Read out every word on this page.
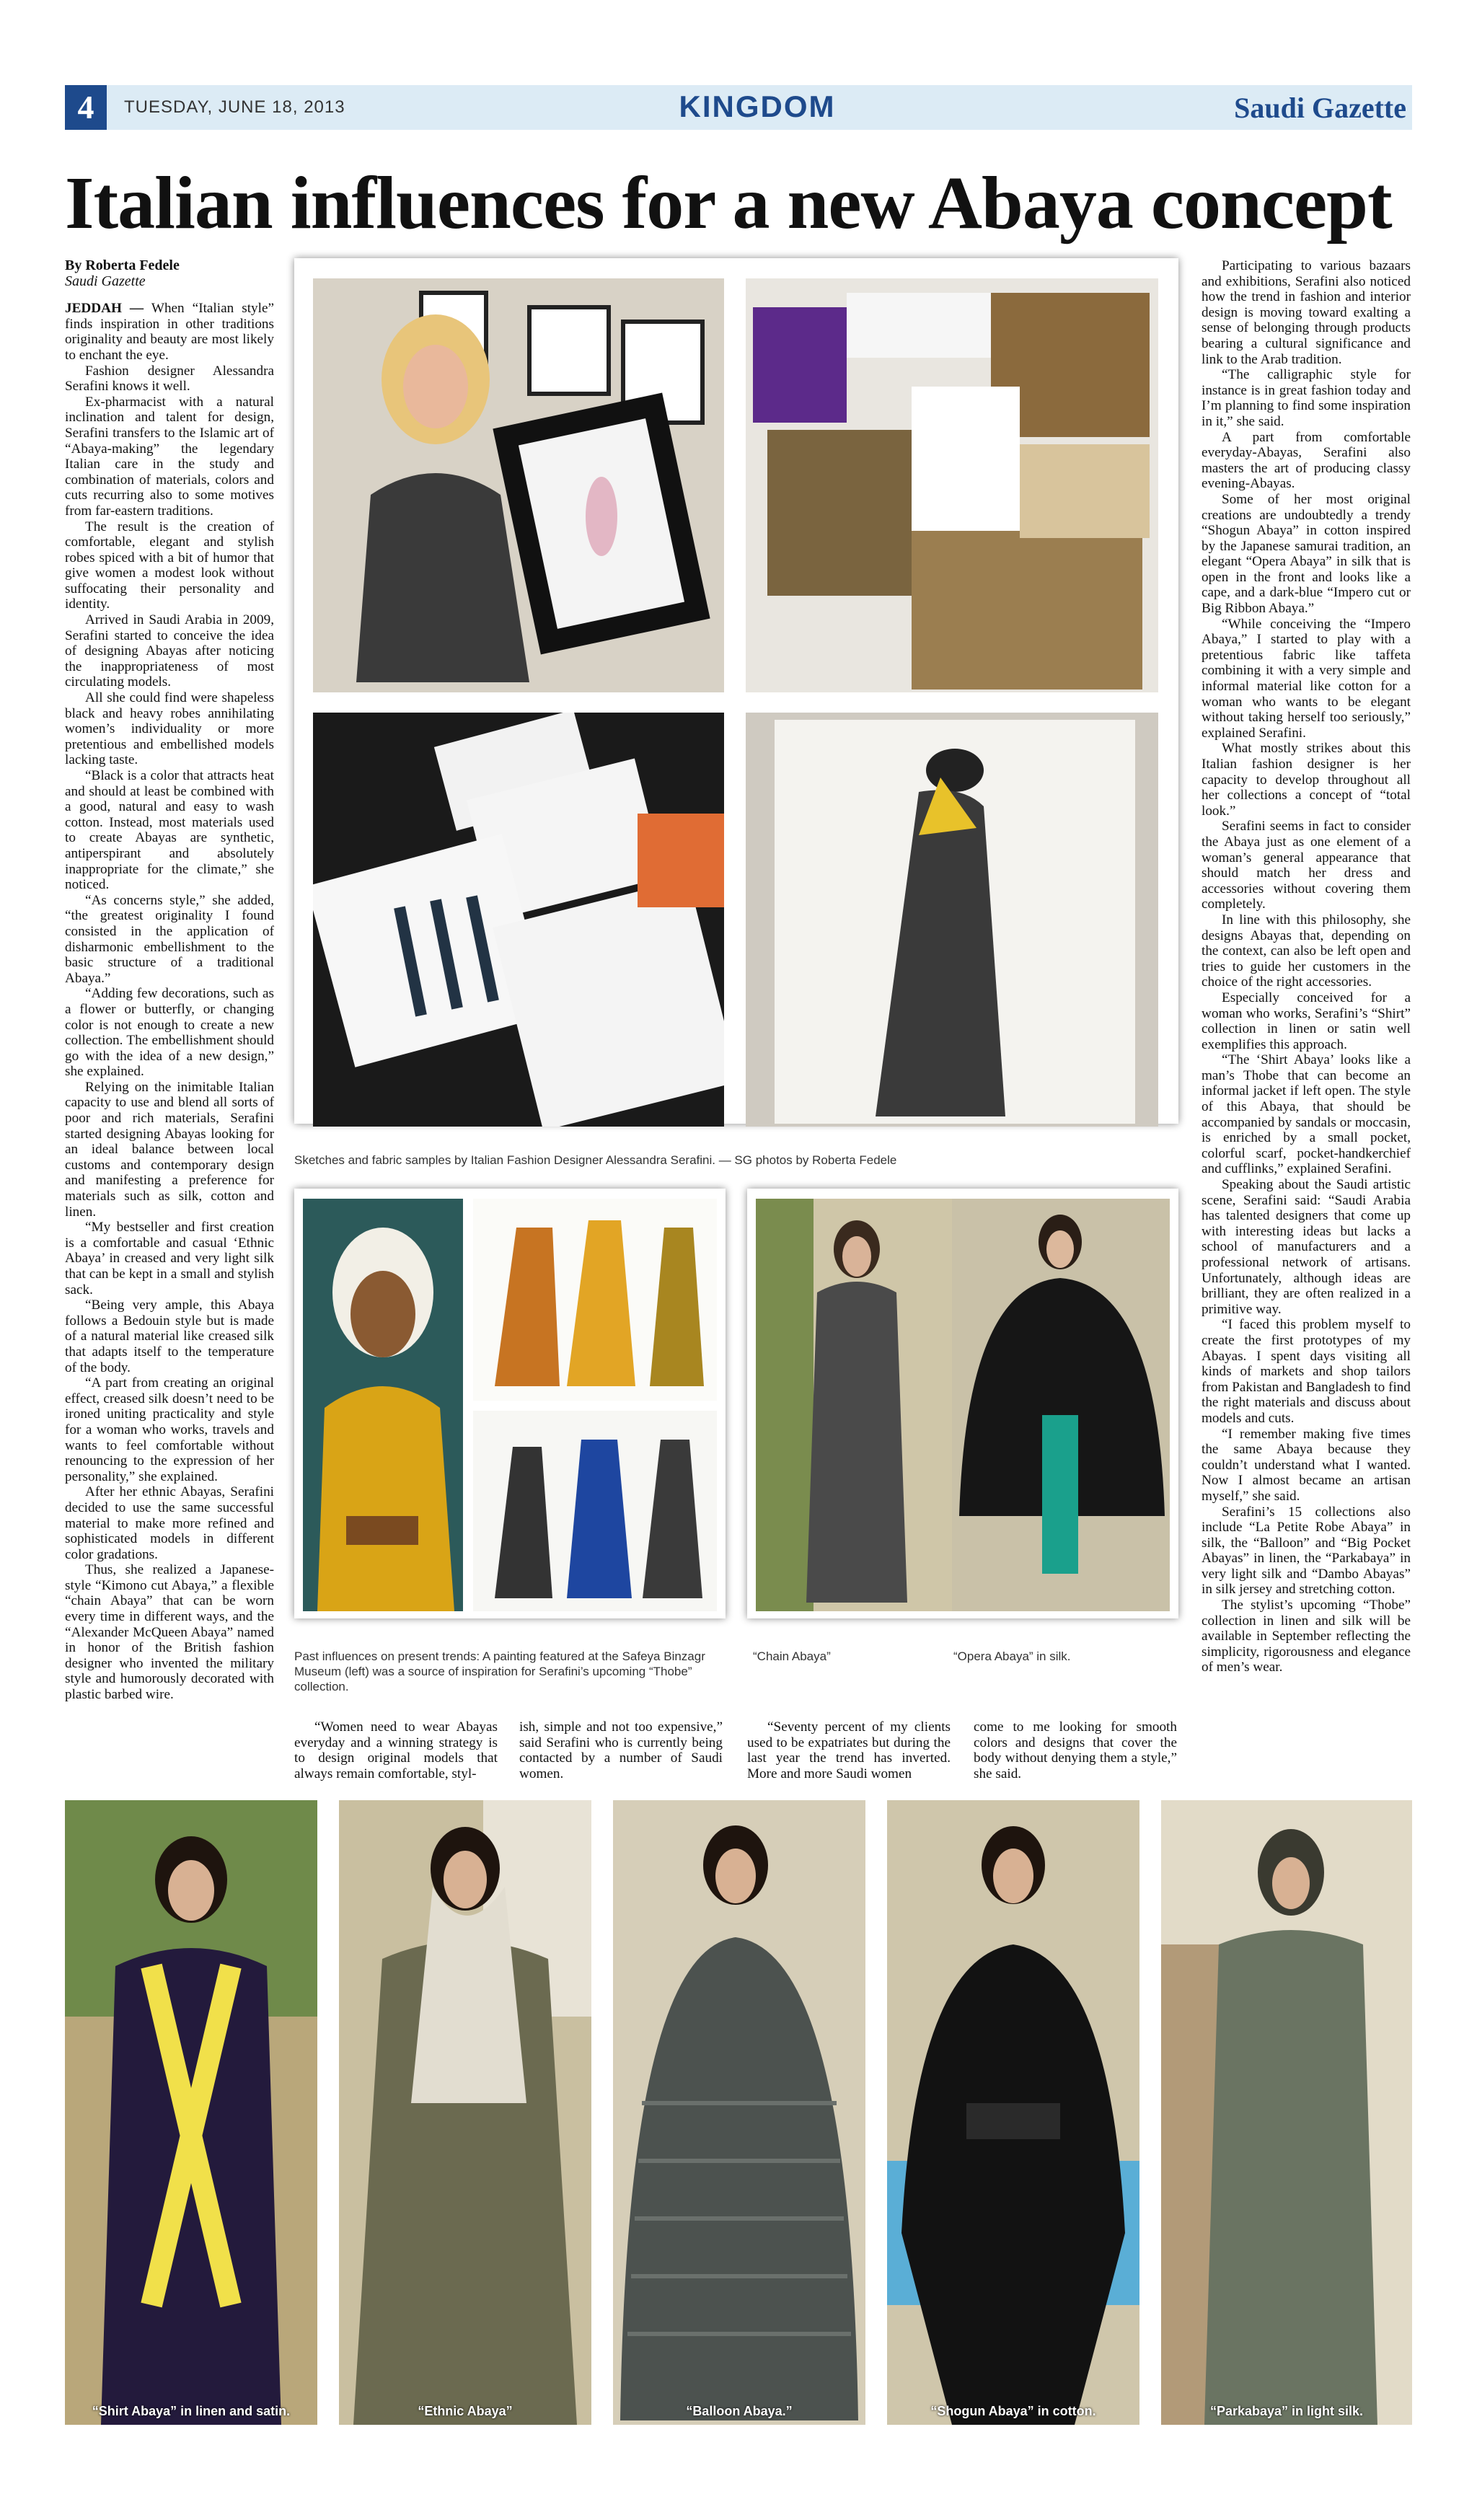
4	TUESDAY, JUNE 18, 2013	KINGDOM	Saudi Gazette
Italian influences for a new Abaya concept
By Roberta Fedele
Saudi Gazette

JEDDAH — When “Italian style” finds inspiration in other traditions originality and beauty are most likely to enchant the eye.

Fashion designer Alessandra Serafini knows it well.

Ex-pharmacist with a natural inclination and talent for design, Serafini transfers to the Islamic art of “Abaya-making” the legendary Italian care in the study and combination of materials, colors and cuts recurring also to some motives from far-eastern traditions.

The result is the creation of comfortable, elegant and stylish robes spiced with a bit of humor that give women a modest look without suffocating their personality and identity.

Arrived in Saudi Arabia in 2009, Serafini started to conceive the idea of designing Abayas after noticing the inappropriateness of most circulating models.

All she could find were shapeless black and heavy robes annihilating women’s individuality or more pretentious and embellished models lacking taste.

“Black is a color that attracts heat and should at least be combined with a good, natural and easy to wash cotton. Instead, most materials used to create Abayas are synthetic, antiperspirant and absolutely inappropriate for the climate,” she noticed.

“As concerns style,” she added, “the greatest originality I found consisted in the application of disharmonic embellishment to the basic structure of a traditional Abaya.”

“Adding few decorations, such as a flower or butterfly, or changing color is not enough to create a new collection. The embellishment should go with the idea of a new design,” she explained.

Relying on the inimitable Italian capacity to use and blend all sorts of poor and rich materials, Serafini started designing Abayas looking for an ideal balance between local customs and contemporary design and manifesting a preference for materials such as silk, cotton and linen.

“My bestseller and first creation is a comfortable and casual ‘Ethnic Abaya’ in creased and very light silk that can be kept in a small and stylish sack.

“Being very ample, this Abaya follows a Bedouin style but is made of a natural material like creased silk that adapts itself to the temperature of the body.

“A part from creating an original effect, creased silk doesn’t need to be ironed uniting practicality and style for a woman who works, travels and wants to feel comfortable without renouncing to the expression of her personality,” she explained.

After her ethnic Abayas, Serafini decided to use the same successful material to make more refined and sophisticated models in different color gradations.

Thus, she realized a Japanese-style “Kimono cut Abaya,” a flexible “chain Abaya” that can be worn every time in different ways, and the “Alexander McQueen Abaya” named in honor of the British fashion designer who invented the military style and humorously decorated with plastic barbed wire.

Sketches and fabric samples by Italian Fashion Designer Alessandra Serafini. — SG photos by Roberta Fedele
Past influences on present trends: A painting featured at the Safeya Binzagr Museum (left) was a source of inspiration for Serafini’s upcoming “Thobe” collection.
“Chain Abaya”	“Opera Abaya” in silk.

“Women need to wear Abayas everyday and a winning strategy is to design original models that always remain comfortable, styl-

ish, simple and not too expensive,” said Serafini who is currently being contacted by a number of Saudi women.

“Seventy percent of my clients used to be expatriates but during the last year the trend has inverted. More and more Saudi women

come to me looking for smooth colors and designs that cover the body without denying them a style,” she said.

Participating to various bazaars and exhibitions, Serafini also noticed how the trend in fashion and interior design is moving toward exalting a sense of belonging through products bearing a cultural significance and link to the Arab tradition.

“The calligraphic style for instance is in great fashion today and I’m planning to find some inspiration in it,” she said.

A part from comfortable everyday-Abayas, Serafini also masters the art of producing classy evening-Abayas.

Some of her most original creations are undoubtedly a trendy “Shogun Abaya” in cotton inspired by the Japanese samurai tradition, an elegant “Opera Abaya” in silk that is open in the front and looks like a cape, and a dark-blue “Impero cut or Big Ribbon Abaya.”

“While conceiving the “Impero Abaya,” I started to play with a pretentious fabric like taffeta combining it with a very simple and informal material like cotton for a woman who wants to be elegant without taking herself too seriously,” explained Serafini.

What mostly strikes about this Italian fashion designer is her capacity to develop throughout all her collections a concept of “total look.”

Serafini seems in fact to consider the Abaya just as one element of a woman’s general appearance that should match her dress and accessories without covering them completely.

In line with this philosophy, she designs Abayas that, depending on the context, can also be left open and tries to guide her customers in the choice of the right accessories.

Especially conceived for a woman who works, Serafini’s “Shirt” collection in linen or satin well exemplifies this approach.

“The ‘Shirt Abaya’ looks like a man’s Thobe that can become an informal jacket if left open. The style of this Abaya, that should be accompanied by sandals or moccasin, is enriched by a small pocket, colorful scarf, pocket-handkerchief and cufflinks,” explained Serafini.

Speaking about the Saudi artistic scene, Serafini said: “Saudi Arabia has talented designers that come up with interesting ideas but lacks a school of manufacturers and a professional network of artisans. Unfortunately, although ideas are brilliant, they are often realized in a primitive way.

“I faced this problem myself to create the first prototypes of my Abayas. I spent days visiting all kinds of markets and shop tailors from Pakistan and Bangladesh to find the right materials and discuss about models and cuts.

“I remember making five times the same Abaya because they couldn’t understand what I wanted. Now I almost became an artisan myself,” she said.

Serafini’s 15 collections also include “La Petite Robe Abaya” in silk, the “Balloon” and “Big Pocket Abayas” in linen, the “Parkabaya” in very light silk and “Dambo Abayas” in silk jersey and stretching cotton.

The stylist’s upcoming “Thobe” collection in linen and silk will be available in September reflecting the simplicity, rigorousness and elegance of men’s wear.

“Shirt Abaya” in linen and satin.	“Ethnic Abaya”	“Balloon Abaya.”	“Shogun Abaya” in cotton.	“Parkabaya” in light silk.
